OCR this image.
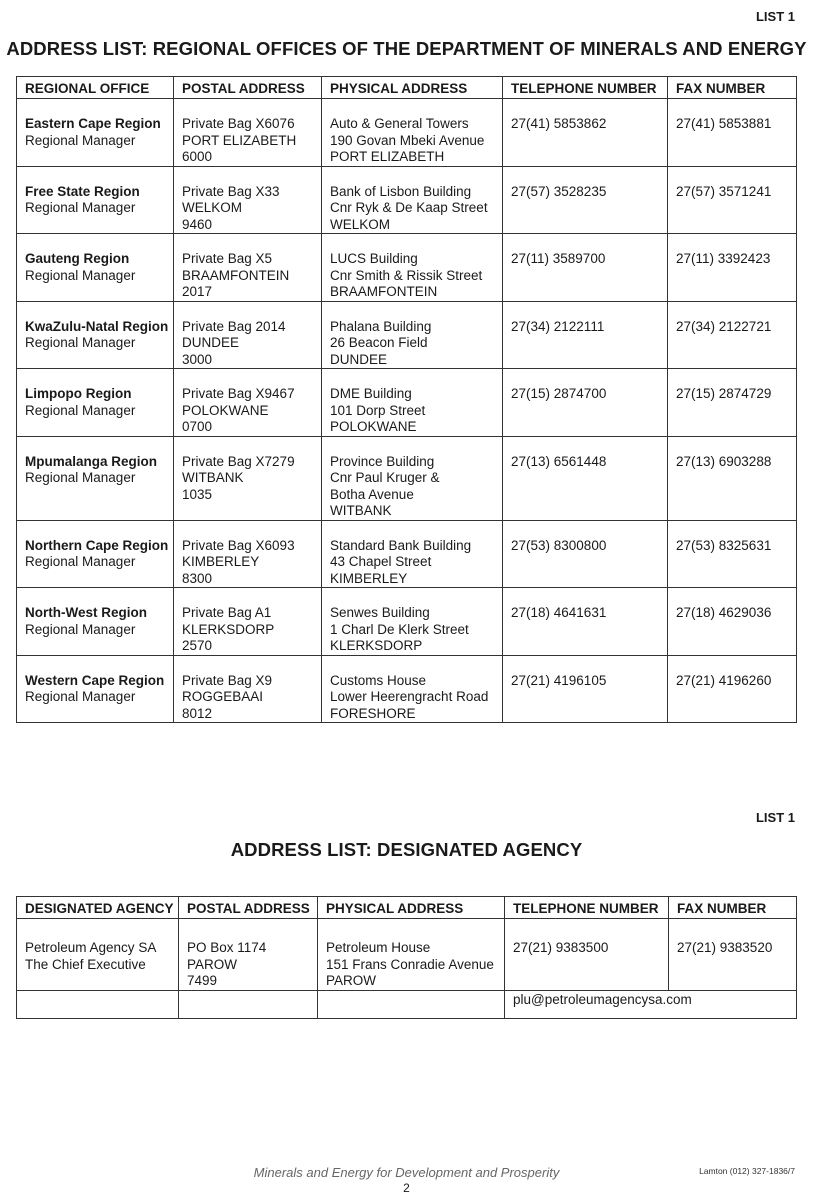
LIST 1
ADDRESS LIST: REGIONAL OFFICES OF THE DEPARTMENT OF MINERALS AND ENERGY
REGIONAL OFFICE	POSTAL ADDRESS	PHYSICAL ADDRESS	TELEPHONE NUMBER	FAX NUMBER

Eastern Cape Region
Regional Manager	Private Bag X6076
PORT ELIZABETH
6000	Auto & General Towers
190 Govan Mbeki Avenue
PORT ELIZABETH	27(41) 5853862	27(41) 5853881

Free State Region
Regional Manager	Private Bag X33
WELKOM
9460	Bank of Lisbon Building
Cnr Ryk & De Kaap Street
WELKOM	27(57) 3528235	27(57) 3571241

Gauteng Region
Regional Manager	Private Bag X5
BRAAMFONTEIN
2017	LUCS Building
Cnr Smith & Rissik Street
BRAAMFONTEIN	27(11) 3589700	27(11) 3392423

KwaZulu-Natal Region
Regional Manager	Private Bag 2014
DUNDEE
3000	Phalana Building
26 Beacon Field
DUNDEE	27(34) 2122111	27(34) 2122721

Limpopo Region
Regional Manager	Private Bag X9467
POLOKWANE
0700	DME Building
101 Dorp Street
POLOKWANE	27(15) 2874700	27(15) 2874729

Mpumalanga Region
Regional Manager	Private Bag X7279
WITBANK
1035	Province Building
Cnr Paul Kruger &
Botha Avenue
WITBANK	27(13) 6561448	27(13) 6903288

Northern Cape Region
Regional Manager	Private Bag X6093
KIMBERLEY
8300	Standard Bank Building
43 Chapel Street
KIMBERLEY	27(53) 8300800	27(53) 8325631

North-West Region
Regional Manager	Private Bag A1
KLERKSDORP
2570	Senwes Building
1 Charl De Klerk Street
KLERKSDORP	27(18) 4641631	27(18) 4629036

Western Cape Region
Regional Manager	Private Bag X9
ROGGEBAAI
8012	Customs House
Lower Heerengracht Road
FORESHORE	27(21) 4196105	27(21) 4196260
LIST 1
ADDRESS LIST: DESIGNATED AGENCY
DESIGNATED AGENCY	POSTAL ADDRESS	PHYSICAL ADDRESS	TELEPHONE NUMBER	FAX NUMBER

Petroleum Agency SA
The Chief Executive	PO Box 1174
PAROW
7499	Petroleum House
151 Frans Conradie Avenue
PAROW	27(21) 9383500	27(21) 9383520

			plu@petroleumagencysa.com	
Minerals and Energy for Development and Prosperity
2
Lamton (012) 327-1836/7
